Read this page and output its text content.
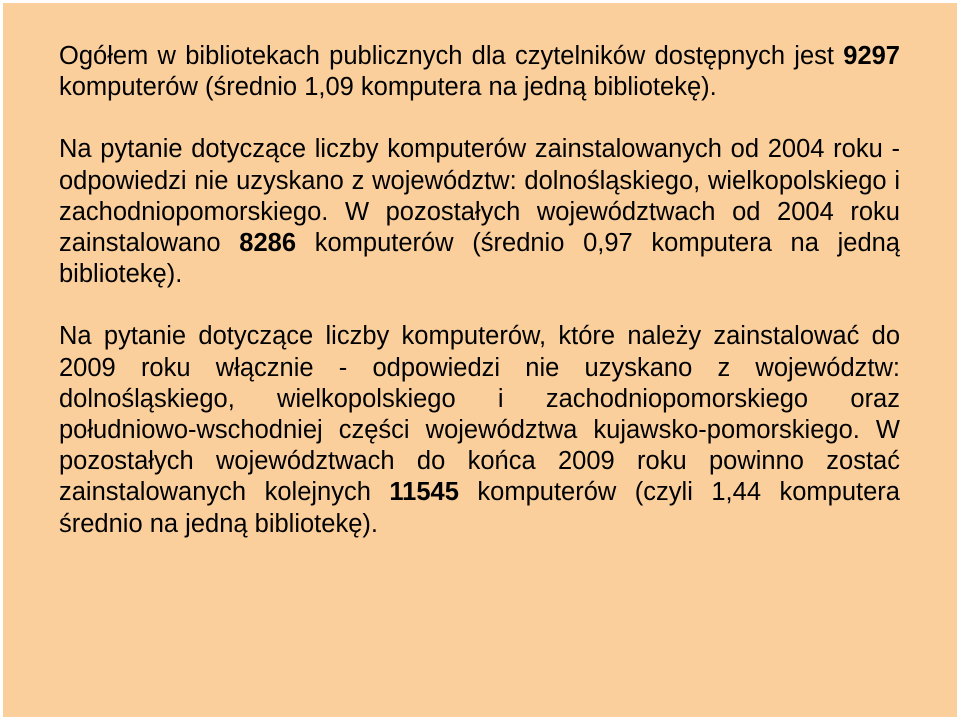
Ogółem w bibliotekach publicznych dla czytelników dostępnych jest 9297 komputerów (średnio 1,09 komputera na jedną bibliotekę).

Na pytanie dotyczące liczby komputerów zainstalowanych od 2004 roku - odpowiedzi nie uzyskano z województw: dolnośląskiego, wielkopolskiego i zachodniopomorskiego. W pozostałych województwach od 2004 roku zainstalowano 8286 komputerów (średnio 0,97 komputera na jedną bibliotekę).

Na pytanie dotyczące liczby komputerów, które należy zainstalować do 2009 roku włącznie - odpowiedzi nie uzyskano z województw: dolnośląskiego, wielkopolskiego i zachodniopomorskiego oraz południowo-wschodniej części województwa kujawsko-pomorskiego. W pozostałych województwach do końca 2009 roku powinno zostać zainstalowanych kolejnych 11545 komputerów (czyli 1,44 komputera średnio na jedną bibliotekę).
